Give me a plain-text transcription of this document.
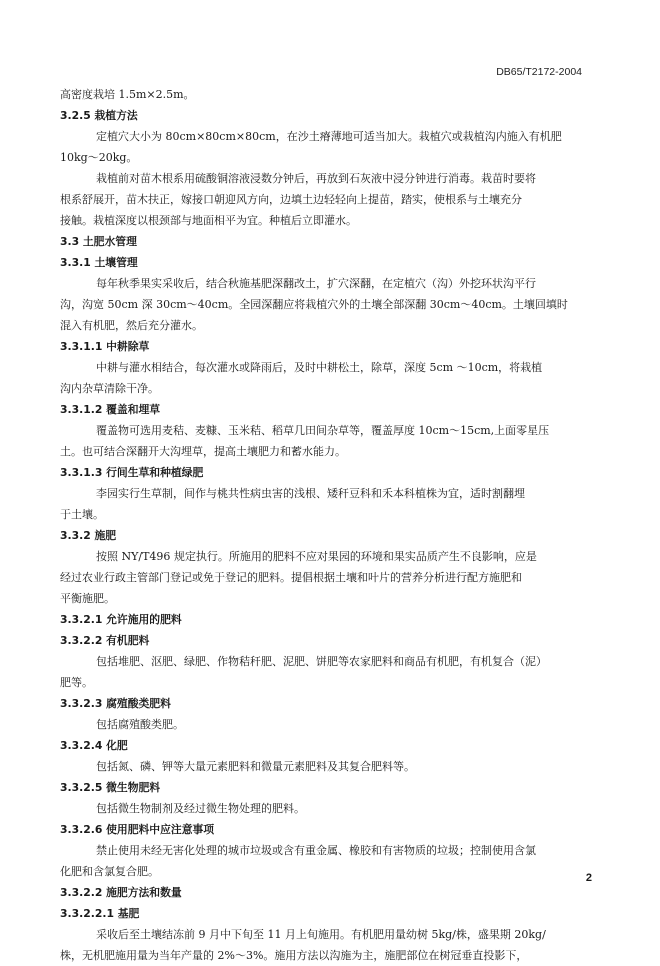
DB65/T2172-2004
高密度栽培 1.5m×2.5m。
3.2.5 栽植方法
定植穴大小为 80cm×80cm×80cm，在沙土瘠薄地可适当加大。栽植穴或栽植沟内施入有机肥
10kg～20kg。
栽植前对苗木根系用硫酸铜溶液浸数分钟后，再放到石灰液中浸分钟进行消毒。栽苗时要将
根系舒展开，苗木扶正，嫁接口朝迎风方向，边填土边轻轻向上提苗，踏实，使根系与土壤充分
接触。栽植深度以根颈部与地面相平为宜。种植后立即灌水。
3.3 土肥水管理
3.3.1 土壤管理
每年秋季果实采收后，结合秋施基肥深翻改土，扩穴深翻，在定植穴（沟）外挖环状沟平行
沟，沟宽 50cm 深 30cm～40cm。全园深翻应将栽植穴外的土壤全部深翻 30cm～40cm。土壤回填时
混入有机肥，然后充分灌水。
3.3.1.1 中耕除草
中耕与灌水相结合，每次灌水或降雨后，及时中耕松土，除草，深度 5cm ～10cm，将栽植
沟内杂草清除干净。
3.3.1.2 覆盖和埋草
覆盖物可选用麦秸、麦糠、玉米秸、稻草几田间杂草等，覆盖厚度 10cm～15cm,上面零星压
土。也可结合深翻开大沟埋草，提高土壤肥力和蓄水能力。
3.3.1.3 行间生草和种植绿肥
李园实行生草制，间作与桃共性病虫害的浅根、矮秆豆科和禾本科植株为宜，适时割翻埋
于土壤。
3.3.2 施肥
按照 NY/T496 规定执行。所施用的肥料不应对果园的环境和果实品质产生不良影响，应是
经过农业行政主管部门登记或免于登记的肥料。提倡根据土壤和叶片的营养分析进行配方施肥和
平衡施肥。
3.3.2.1 允许施用的肥料
3.3.2.2 有机肥料
包括堆肥、沤肥、绿肥、作物秸秆肥、泥肥、饼肥等农家肥料和商品有机肥，有机复合（泥）
肥等。
3.3.2.3 腐殖酸类肥料
包括腐殖酸类肥。
3.3.2.4 化肥
包括氮、磷、钾等大量元素肥料和微量元素肥料及其复合肥料等。
3.3.2.5 微生物肥料
包括微生物制剂及经过微生物处理的肥料。
3.3.2.6 使用肥料中应注意事项
禁止使用未经无害化处理的城市垃圾或含有重金属、橡胶和有害物质的垃圾；控制使用含氯
化肥和含氯复合肥。
3.3.2.2 施肥方法和数量
3.3.2.2.1 基肥
采收后至土壤结冻前 9 月中下旬至 11 月上旬施用。有机肥用量幼树 5kg/株，盛果期 20kg/
株，无机肥施用量为当年产量的 2%～3%。施用方法以沟施为主，施肥部位在树冠垂直投影下，
2
